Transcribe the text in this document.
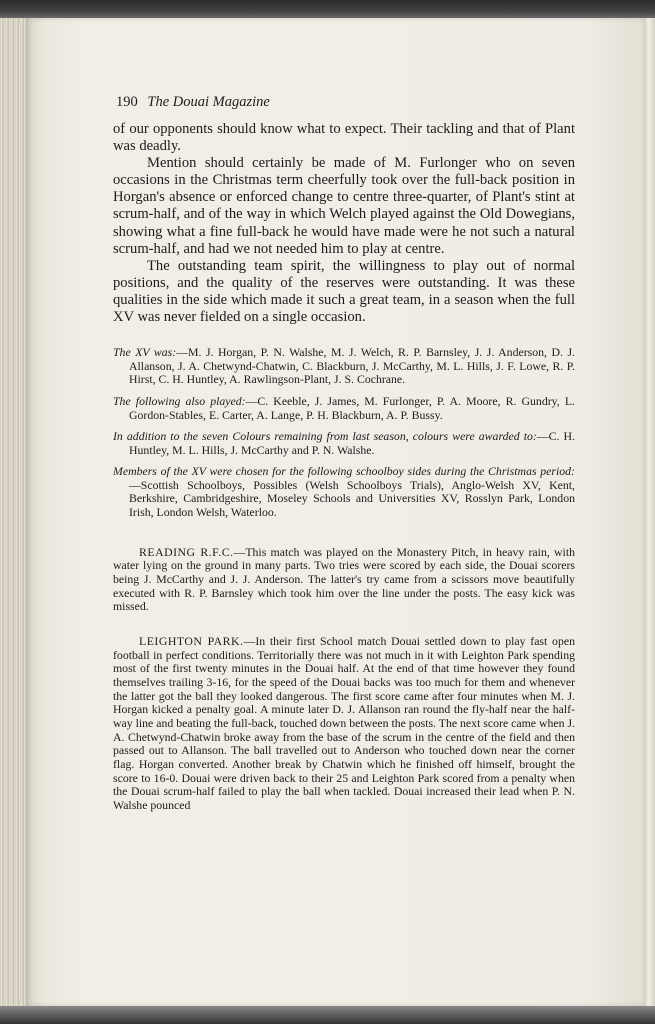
190 The Douai Magazine

of our opponents should know what to expect. Their tackling and that of Plant was deadly.

Mention should certainly be made of M. Furlonger who on seven occasions in the Christmas term cheerfully took over the full-back position in Horgan's absence or enforced change to centre three-quarter, of Plant's stint at scrum-half, and of the way in which Welch played against the Old Dowegians, showing what a fine full-back he would have made were he not such a natural scrum-half, and had we not needed him to play at centre.

The outstanding team spirit, the willingness to play out of normal positions, and the quality of the reserves were outstanding. It was these qualities in the side which made it such a great team, in a season when the full XV was never fielded on a single occasion.

The XV was:—M. J. Horgan, P. N. Walshe, M. J. Welch, R. P. Barnsley, J. J. Anderson, D. J. Allanson, J. A. Chetwynd-Chatwin, C. Blackburn, J. McCarthy, M. L. Hills, J. F. Lowe, R. P. Hirst, C. H. Huntley, A. Rawlingson-Plant, J. S. Cochrane.

The following also played:—C. Keeble, J. James, M. Furlonger, P. A. Moore, R. Gundry, L. Gordon-Stables, E. Carter, A. Lange, P. H. Blackburn, A. P. Bussy.

In addition to the seven Colours remaining from last season, colours were awarded to:—C. H. Huntley, M. L. Hills, J. McCarthy and P. N. Walshe.

Members of the XV were chosen for the following schoolboy sides during the Christmas period:—Scottish Schoolboys, Possibles (Welsh Schoolboys Trials), Anglo-Welsh XV, Kent, Berkshire, Cambridgeshire, Moseley Schools and Universities XV, Rosslyn Park, London Irish, London Welsh, Waterloo.

READING R.F.C.—This match was played on the Monastery Pitch, in heavy rain, with water lying on the ground in many parts. Two tries were scored by each side, the Douai scorers being J. McCarthy and J. J. Anderson. The latter's try came from a scissors move beautifully executed with R. P. Barnsley which took him over the line under the posts. The easy kick was missed.

LEIGHTON PARK.—In their first School match Douai settled down to play fast open football in perfect conditions. Territorially there was not much in it with Leighton Park spending most of the first twenty minutes in the Douai half. At the end of that time however they found themselves trailing 3-16, for the speed of the Douai backs was too much for them and whenever the latter got the ball they looked dangerous. The first score came after four minutes when M. J. Horgan kicked a penalty goal. A minute later D. J. Allanson ran round the fly-half near the half-way line and beating the full-back, touched down between the posts. The next score came when J. A. Chetwynd-Chatwin broke away from the base of the scrum in the centre of the field and then passed out to Allanson. The ball travelled out to Anderson who touched down near the corner flag. Horgan converted. Another break by Chatwin which he finished off himself, brought the score to 16-0. Douai were driven back to their 25 and Leighton Park scored from a penalty when the Douai scrum-half failed to play the ball when tackled. Douai increased their lead when P. N. Walshe pounced
